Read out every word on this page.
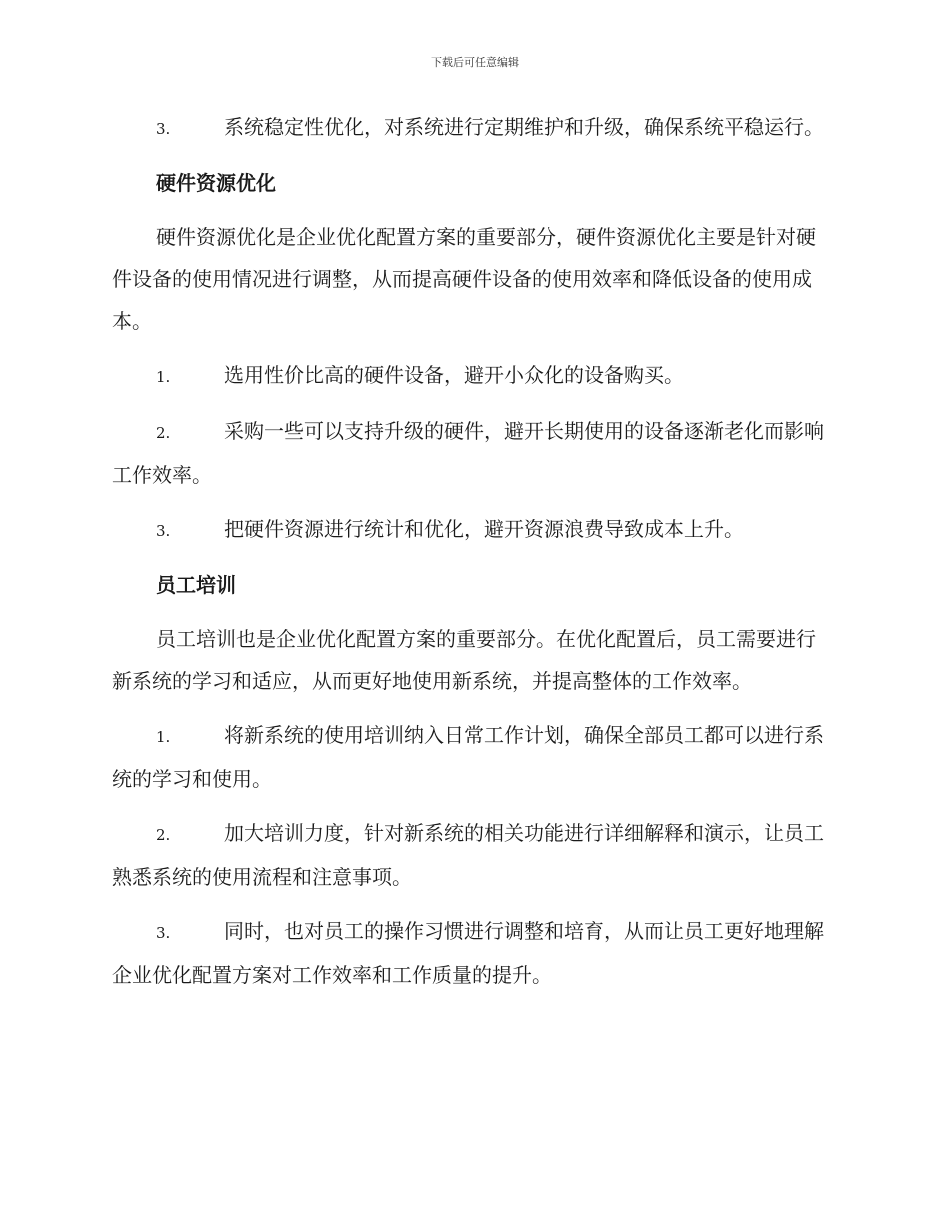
下载后可任意编辑
3.	系统稳定性优化，对系统进行定期维护和升级，确保系统平稳运行。
硬件资源优化

硬件资源优化是企业优化配置方案的重要部分，硬件资源优化主要是针对硬件设备的使用情况进行调整，从而提高硬件设备的使用效率和降低设备的使用成本。

1.	选用性价比高的硬件设备，避开小众化的设备购买。
2.	采购一些可以支持升级的硬件，避开长期使用的设备逐渐老化而影响工作效率。
3.	把硬件资源进行统计和优化，避开资源浪费导致成本上升。
员工培训

员工培训也是企业优化配置方案的重要部分。在优化配置后，员工需要进行新系统的学习和适应，从而更好地使用新系统，并提高整体的工作效率。

1.	将新系统的使用培训纳入日常工作计划，确保全部员工都可以进行系统的学习和使用。
2.	加大培训力度，针对新系统的相关功能进行详细解释和演示，让员工熟悉系统的使用流程和注意事项。
3.	同时，也对员工的操作习惯进行调整和培育，从而让员工更好地理解企业优化配置方案对工作效率和工作质量的提升。
